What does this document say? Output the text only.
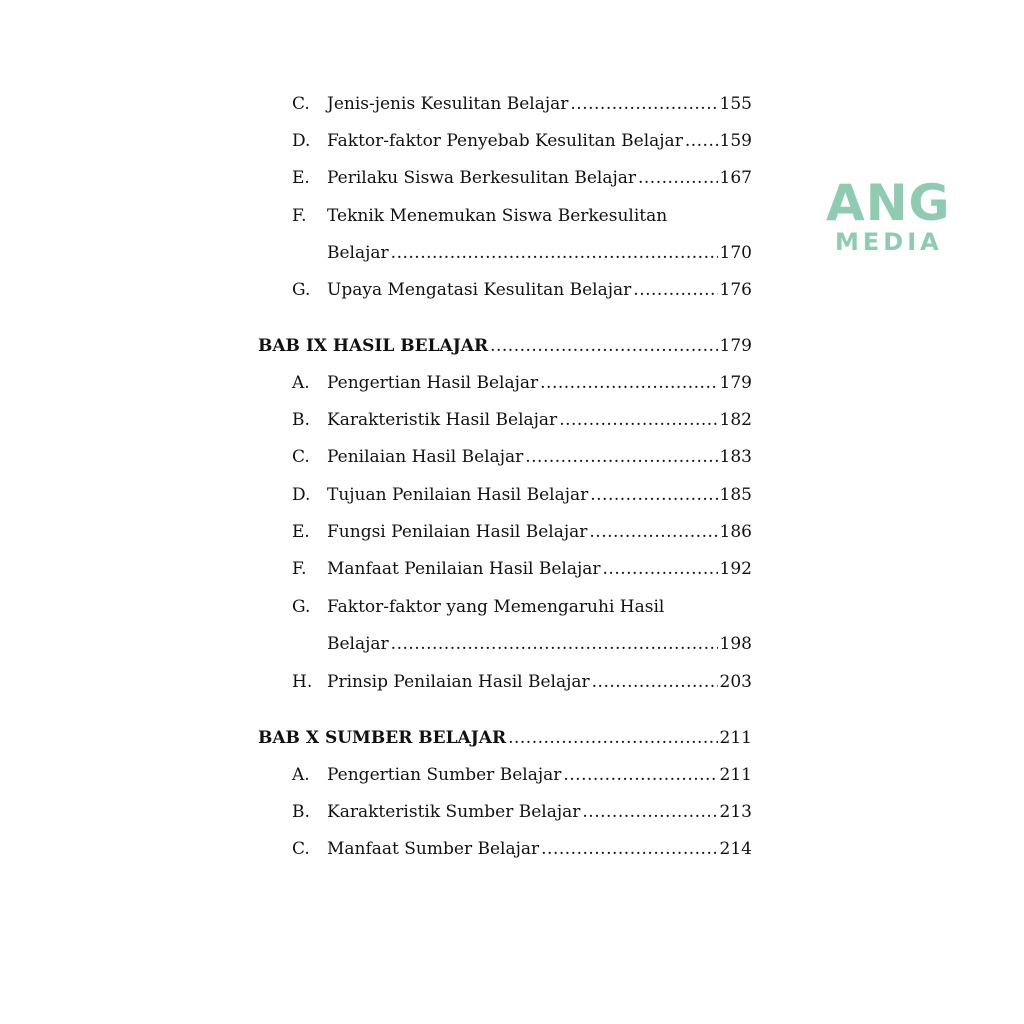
C.	Jenis-jenis Kesulitan Belajar .....	155
D. Faktor-faktor Penyebab Kesulitan Belajar ..... 159
E.	Perilaku Siswa Berkesulitan Belajar .....	167
F.	Teknik Menemukan Siswa Berkesulitan
Belajar .....	170
G. Upaya Mengatasi Kesulitan Belajar .....	176
BAB IX HASIL BELAJAR .....	179
A.	Pengertian Hasil Belajar .....	179
B.	Karakteristik Hasil Belajar .....	182
C.	Penilaian Hasil Belajar .....	183
D. Tujuan Penilaian Hasil Belajar .....	185
E.	Fungsi Penilaian Hasil Belajar .....	186
F.	Manfaat Penilaian Hasil Belajar .....	192
G. Faktor-faktor yang Memengaruhi Hasil
Belajar .....	198
H. Prinsip Penilaian Hasil Belajar .....	203
BAB X SUMBER BELAJAR .....	211
A.	Pengertian Sumber Belajar .....	211
B.	Karakteristik Sumber Belajar .....	213
C.	Manfaat Sumber Belajar .....	214
ANG
MEDIA
